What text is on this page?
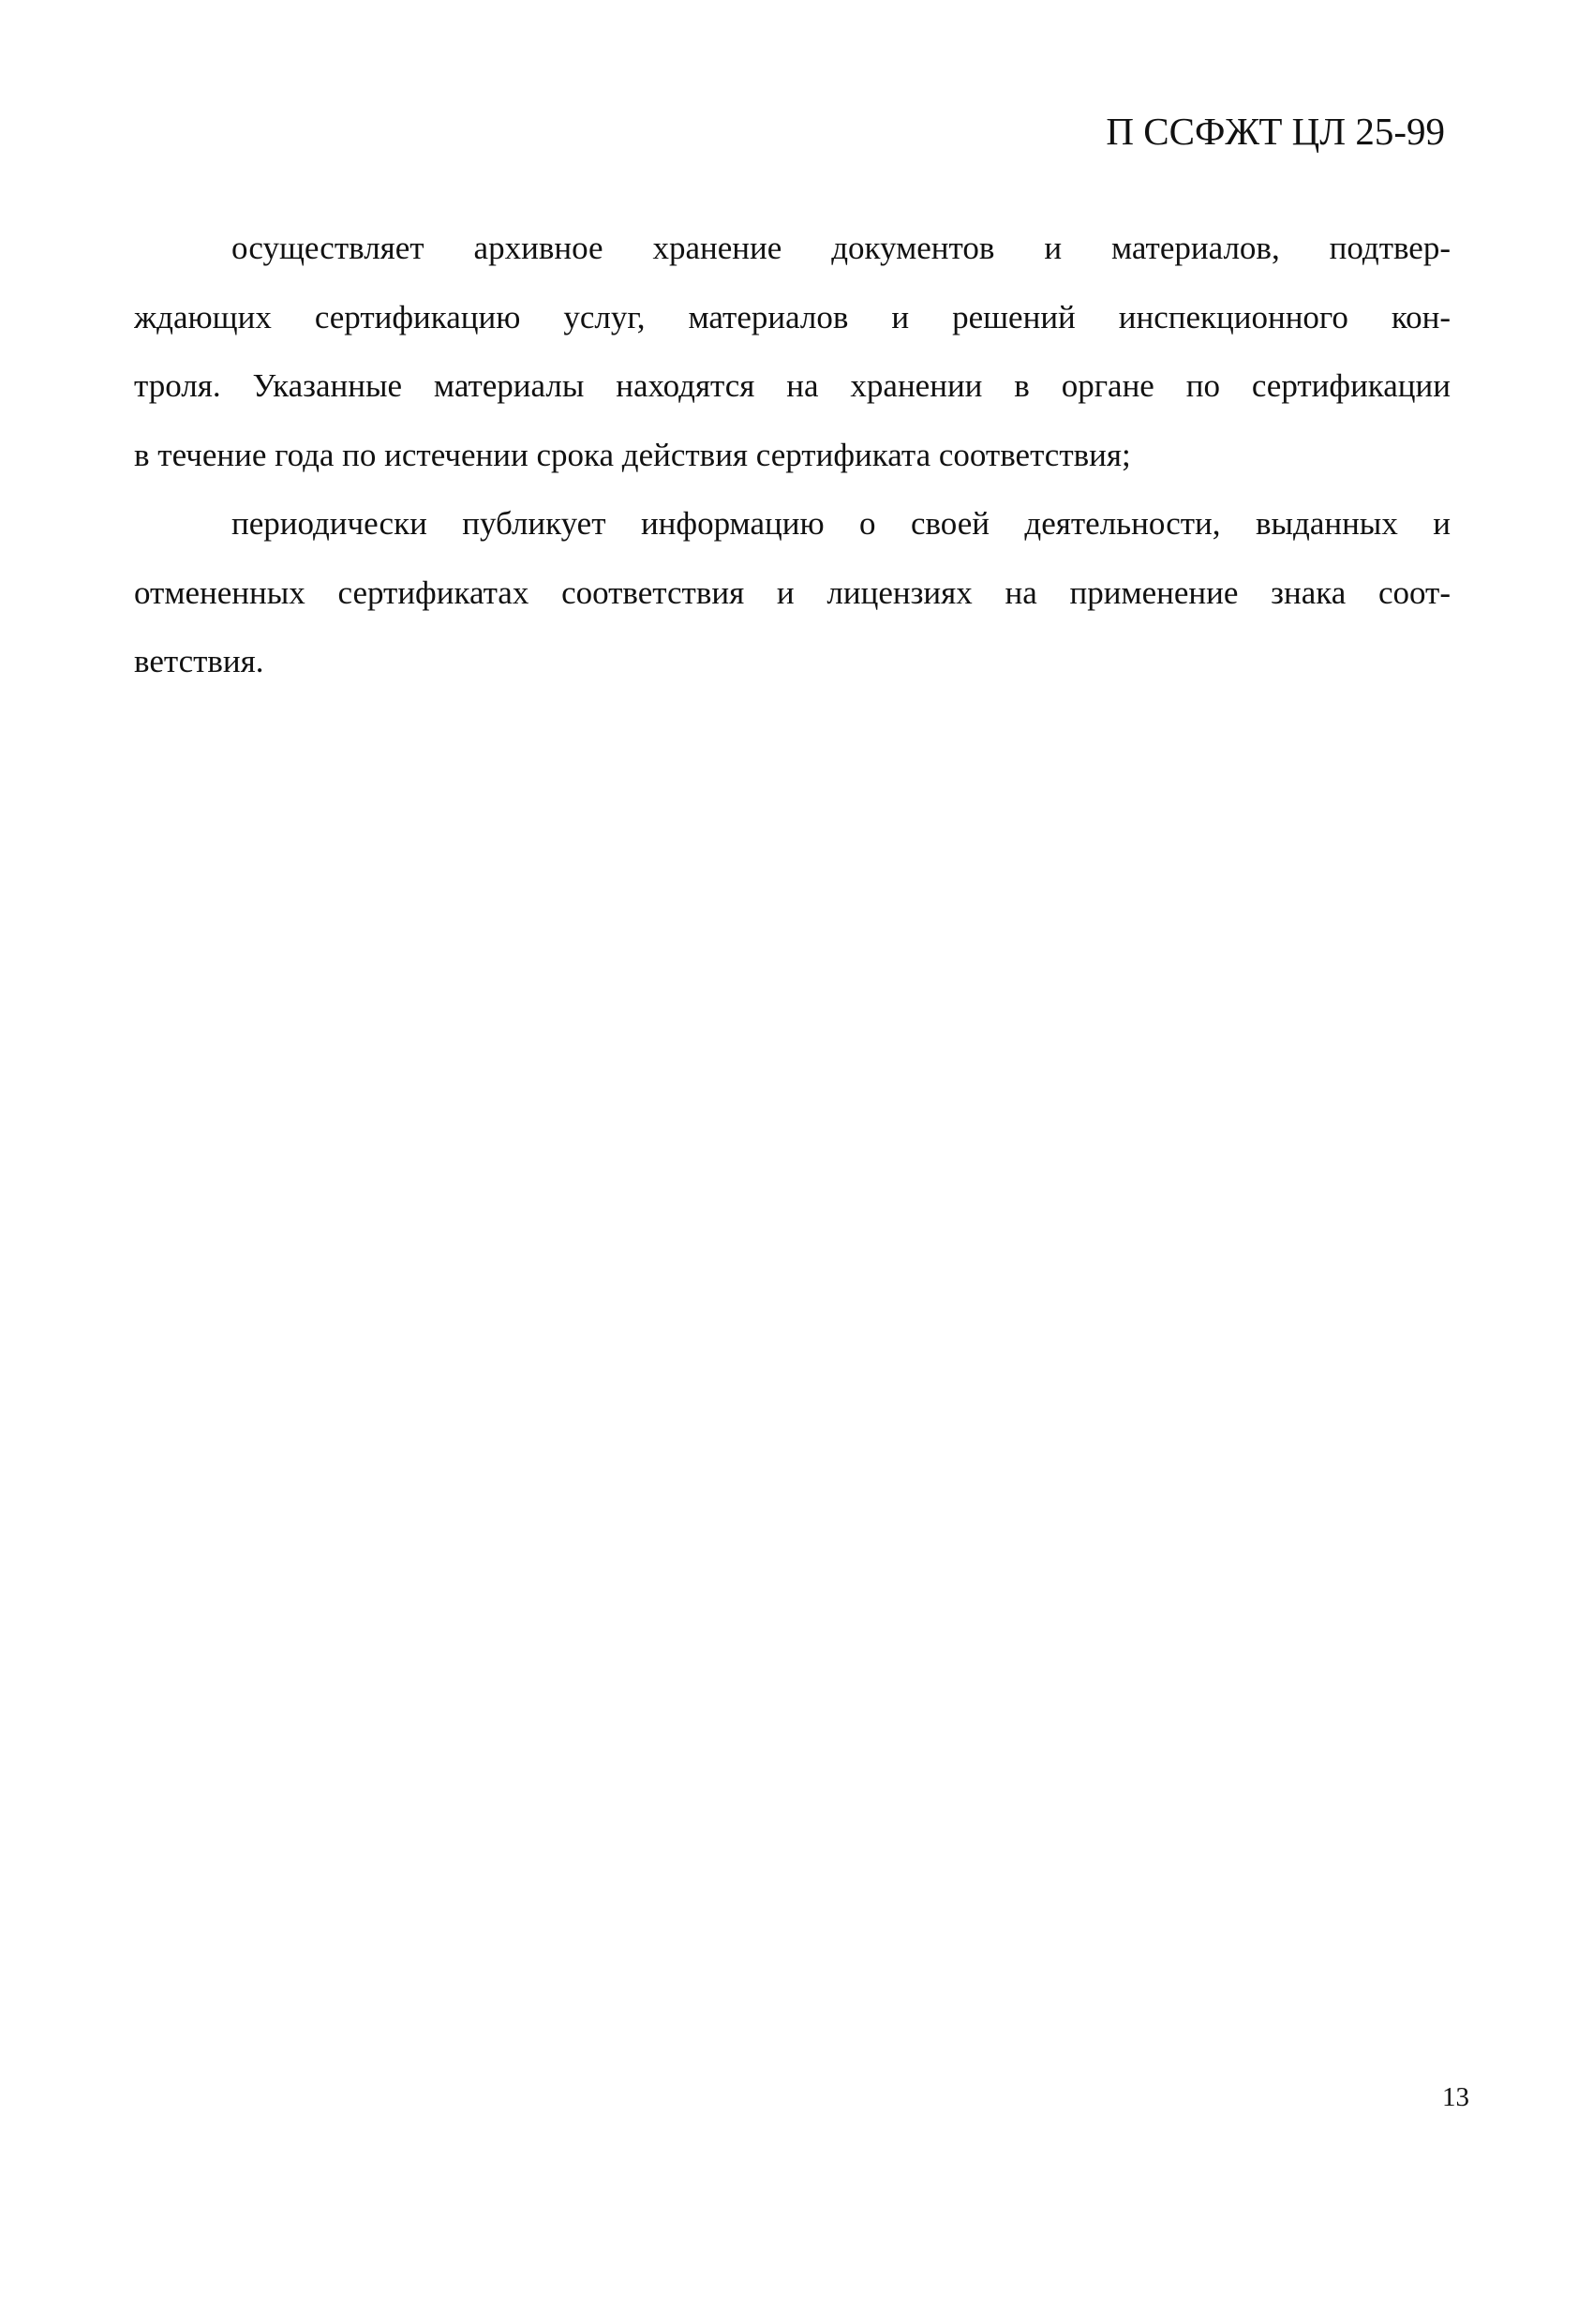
П ССФЖТ ЦЛ 25-99
осуществляет архивное хранение документов и материалов, подтвер-
ждающих сертификацию услуг, материалов и решений инспекционного кон-
троля. Указанные материалы находятся на хранении в органе по сертификации
в течение года по истечении срока действия сертификата соответствия;
периодически публикует информацию о своей деятельности, выданных и
отмененных сертификатах соответствия и лицензиях на применение знака соот-
ветствия.
13
